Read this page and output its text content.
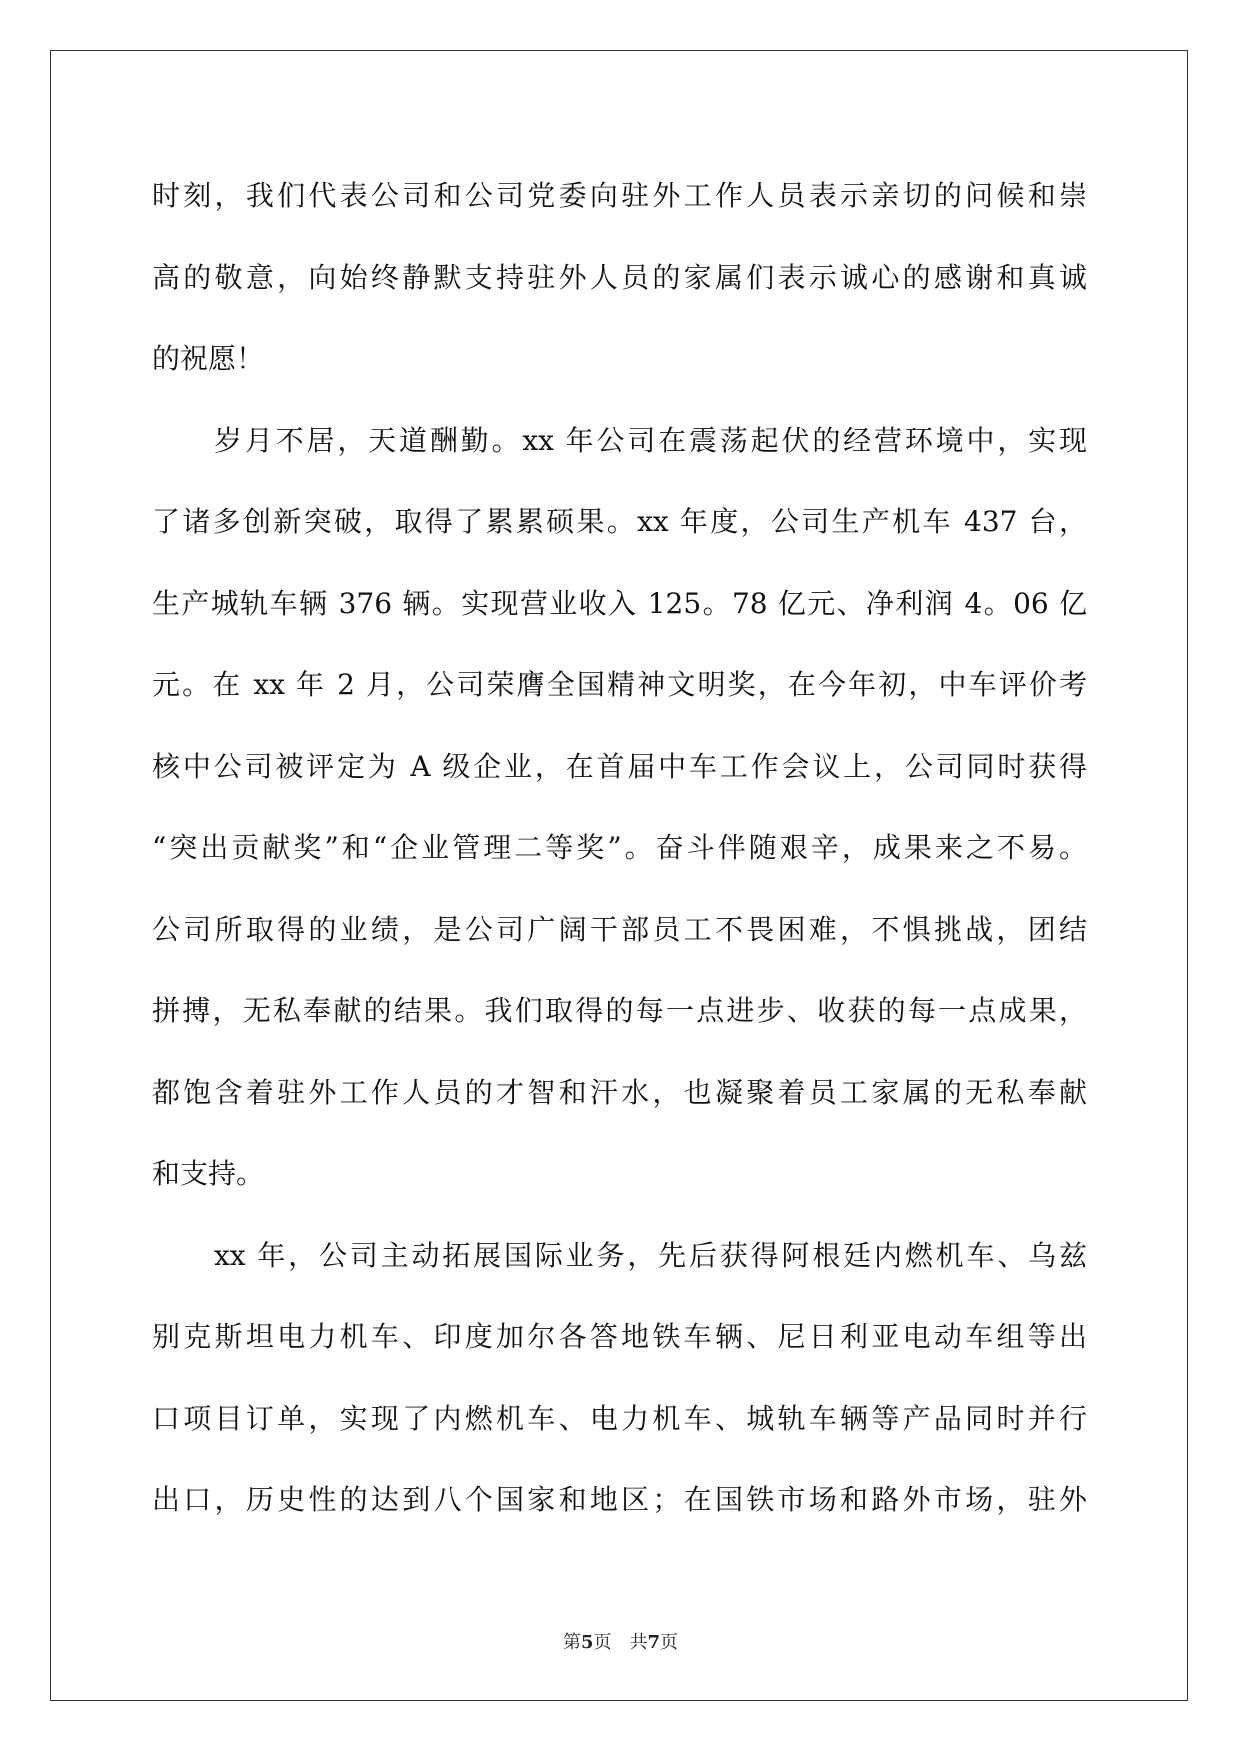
时刻，我们代表公司和公司党委向驻外工作人员表示亲切的问候和崇
高的敬意，向始终静默支持驻外人员的家属们表示诚心的感谢和真诚
的祝愿！
岁月不居，天道酬勤。xx 年公司在震荡起伏的经营环境中，实现
了诸多创新突破，取得了累累硕果。xx 年度，公司生产机车 437 台，
生产城轨车辆 376 辆。实现营业收入 125。78 亿元、净利润 4。06 亿
元。在 xx 年 2 月，公司荣膺全国精神文明奖，在今年初，中车评价考
核中公司被评定为 A 级企业，在首届中车工作会议上，公司同时获得
“突出贡献奖”和“企业管理二等奖”。奋斗伴随艰辛，成果来之不易。
公司所取得的业绩，是公司广阔干部员工不畏困难，不惧挑战，团结
拼搏，无私奉献的结果。我们取得的每一点进步、收获的每一点成果，
都饱含着驻外工作人员的才智和汗水，也凝聚着员工家属的无私奉献
和支持。
xx 年，公司主动拓展国际业务，先后获得阿根廷内燃机车、乌兹
别克斯坦电力机车、印度加尔各答地铁车辆、尼日利亚电动车组等出
口项目订单，实现了内燃机车、电力机车、城轨车辆等产品同时并行
出口，历史性的达到八个国家和地区；在国铁市场和路外市场，驻外
第5页 共7页
